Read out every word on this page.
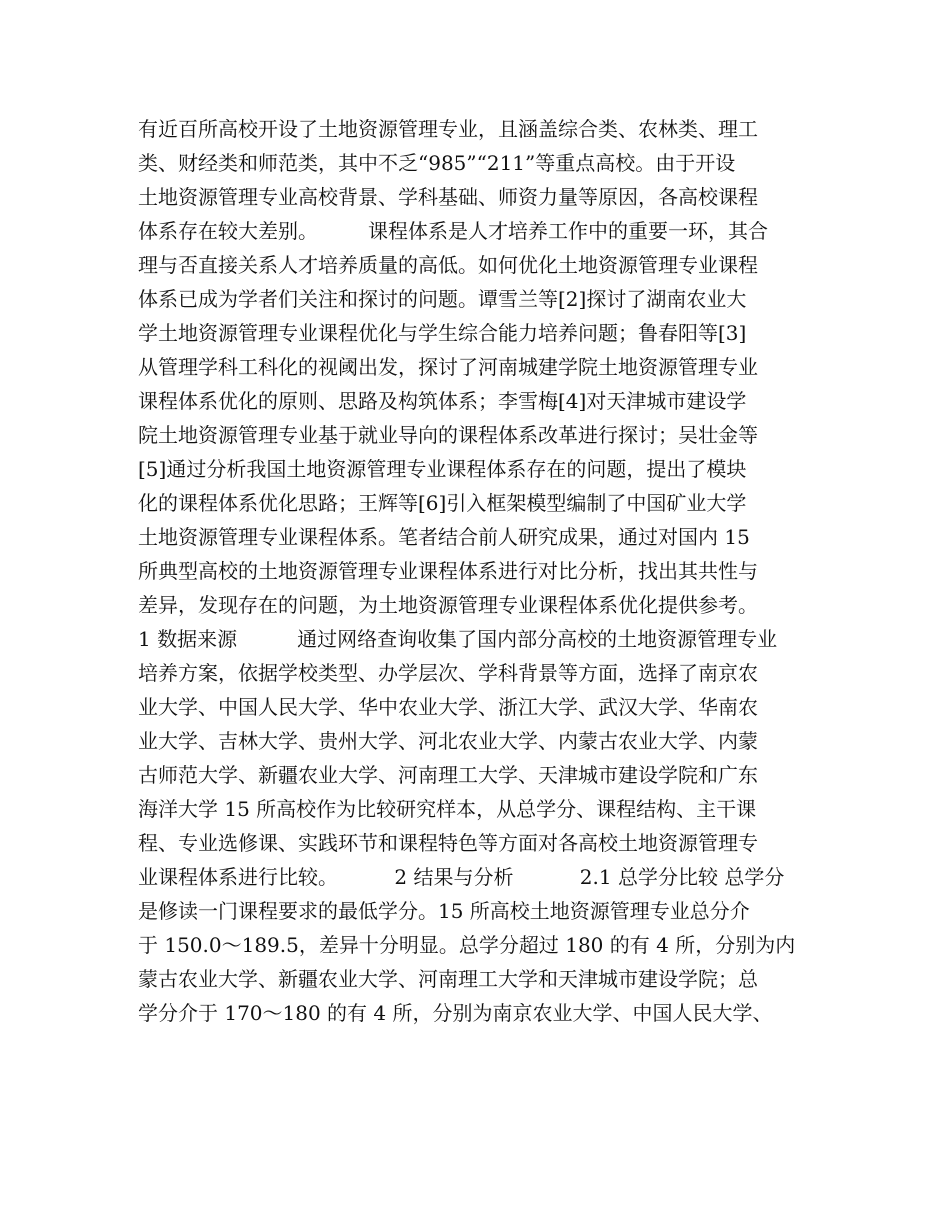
有近百所高校开设了土地资源管理专业，且涵盖综合类、农林类、理工
类、财经类和师范类，其中不乏“985”“211”等重点高校。由于开设
土地资源管理专业高校背景、学科基础、师资力量等原因，各高校课程
体系存在较大差别。　　　课程体系是人才培养工作中的重要一环，其合
理与否直接关系人才培养质量的高低。如何优化土地资源管理专业课程
体系已成为学者们关注和探讨的问题。谭雪兰等[2]探讨了湖南农业大
学土地资源管理专业课程优化与学生综合能力培养问题；鲁春阳等[3]
从管理学科工科化的视阈出发，探讨了河南城建学院土地资源管理专业
课程体系优化的原则、思路及构筑体系；李雪梅[4]对天津城市建设学
院土地资源管理专业基于就业导向的课程体系改革进行探讨；吴壮金等
[5]通过分析我国土地资源管理专业课程体系存在的问题，提出了模块
化的课程体系优化思路；王辉等[6]引入框架模型编制了中国矿业大学
土地资源管理专业课程体系。笔者结合前人研究成果，通过对国内 15
所典型高校的土地资源管理专业课程体系进行对比分析，找出其共性与
差异，发现存在的问题，为土地资源管理专业课程体系优化提供参考。
1 数据来源　　　通过网络查询收集了国内部分高校的土地资源管理专业
培养方案，依据学校类型、办学层次、学科背景等方面，选择了南京农
业大学、中国人民大学、华中农业大学、浙江大学、武汉大学、华南农
业大学、吉林大学、贵州大学、河北农业大学、内蒙古农业大学、内蒙
古师范大学、新疆农业大学、河南理工大学、天津城市建设学院和广东
海洋大学 15 所高校作为比较研究样本，从总学分、课程结构、主干课
程、专业选修课、实践环节和课程特色等方面对各高校土地资源管理专
业课程体系进行比较。　　　 2 结果与分析　　　 2.1 总学分比较 总学分
是修读一门课程要求的最低学分。15 所高校土地资源管理专业总分介
于 150.0～189.5，差异十分明显。总学分超过 180 的有 4 所，分别为内
蒙古农业大学、新疆农业大学、河南理工大学和天津城市建设学院；总
学分介于 170～180 的有 4 所，分别为南京农业大学、中国人民大学、
